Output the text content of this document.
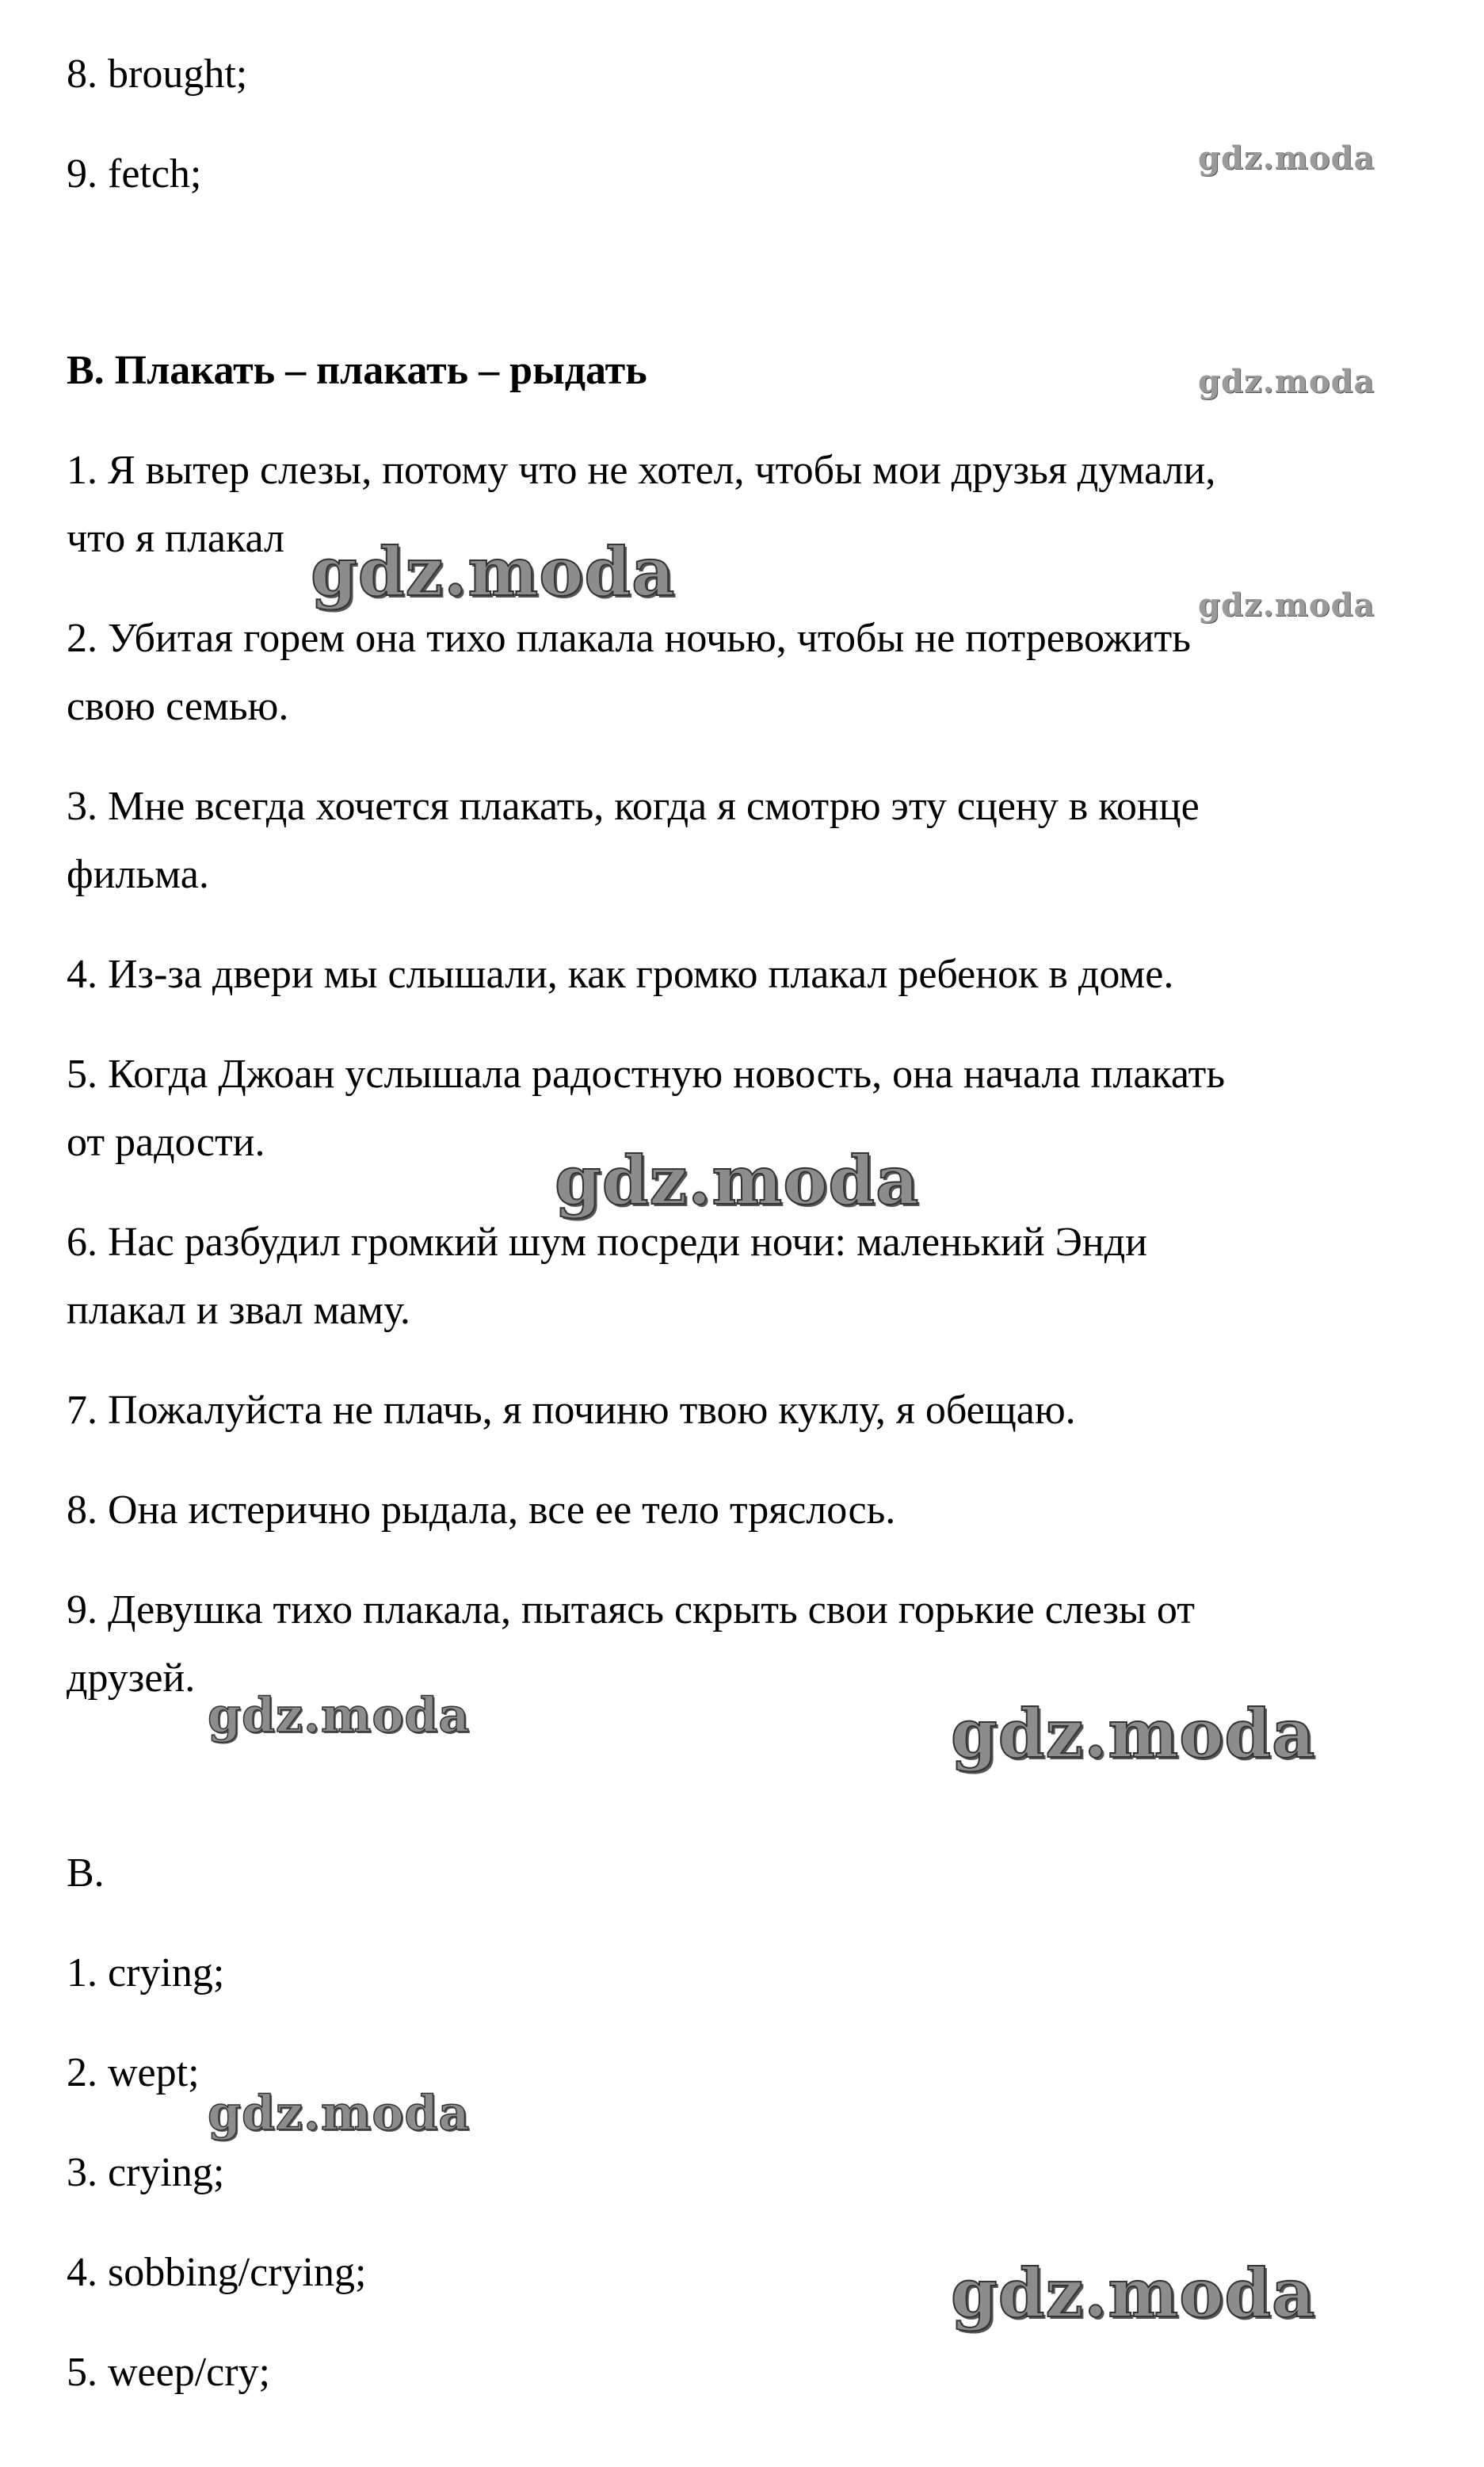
8. brought;
9. fetch;
B. Плакать – плакать – рыдать
1. Я вытер слезы, потому что не хотел, чтобы мои друзья думали,
что я плакал
2. Убитая горем она тихо плакала ночью, чтобы не потревожить
свою семью.
3. Мне всегда хочется плакать, когда я смотрю эту сцену в конце
фильма.
4. Из-за двери мы слышали, как громко плакал ребенок в доме.
5. Когда Джоан услышала радостную новость, она начала плакать
от радости.
6. Нас разбудил громкий шум посреди ночи: маленький Энди
плакал и звал маму.
7. Пожалуйста не плачь, я починю твою куклу, я обещаю.
8. Она истерично рыдала, все ее тело тряслось.
9. Девушка тихо плакала, пытаясь скрыть свои горькие слезы от
друзей.
B.
1. crying;
2. wept;
3. crying;
4. sobbing/crying;
5. weep/cry;
gdz.moda
gdz.moda
gdz.moda	gdz.moda
gdz.moda
gdz.moda	gdz.moda
gdz.moda
gdz.moda
